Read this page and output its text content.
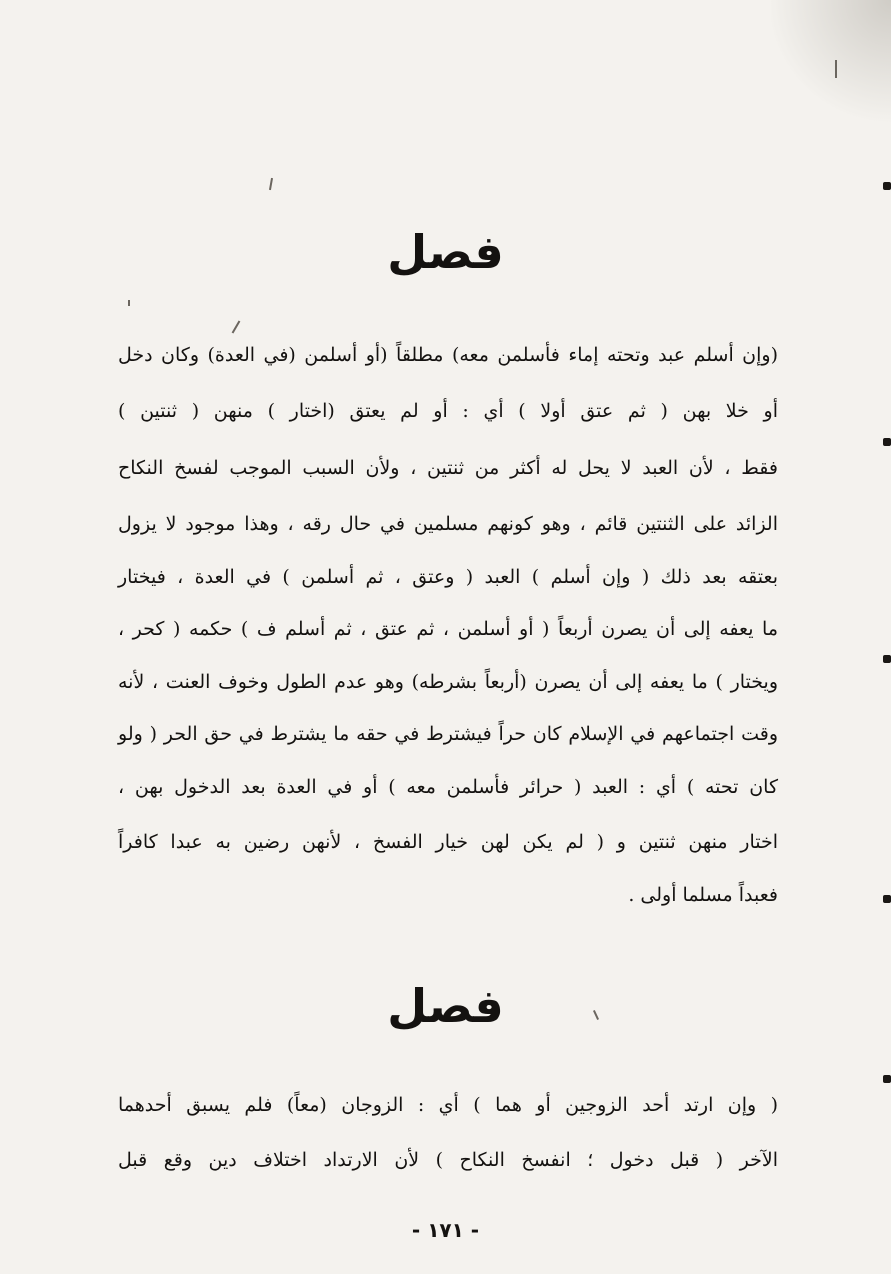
فصل
(وإن أسلم عبد وتحته إماء فأسلمن معه) مطلقاً (أو أسلمن (في العدة) وكان دخل
أو خلا بهن ( ثم عتق أولا ) أي : أو لم يعتق (اختار ) منهن ( ثنتين )
فقط ، لأن العبد لا يحل له أكثر من ثنتين ، ولأن السبب الموجب لفسخ النكاح
الزائد على الثنتين قائم ، وهو كونهم مسلمين في حال رقه ، وهذا موجود لا يزول
بعتقه بعد ذلك ( وإن أسلم ) العبد ( وعتق ، ثم أسلمن ) في العدة ، فيختار
ما يعفه إلى أن يصرن أربعاً ( أو أسلمن ، ثم عتق ، ثم أسلم ف ) حكمه ( كحر ،
ويختار ) ما يعفه إلى أن يصرن (أربعاً بشرطه) وهو عدم الطول وخوف العنت ، لأنه
وقت اجتماعهم في الإسلام كان حراً فيشترط في حقه ما يشترط في حق الحر ( ولو
كان تحته ) أي : العبد ( حرائر فأسلمن معه ) أو في العدة بعد الدخول بهن ،
اختار منهن ثنتين و ( لم يكن لهن خيار الفسخ ، لأنهن رضين به عبدا كافراً
فعبداً مسلما أولى .
فصل
( وإن ارتد أحد الزوجين أو هما ) أي : الزوجان (معاً) فلم يسبق أحدهما
الآخر ( قبل دخول ؛ انفسخ النكاح ) لأن الارتداد اختلاف دين وقع قبل
- ١٧١ -
